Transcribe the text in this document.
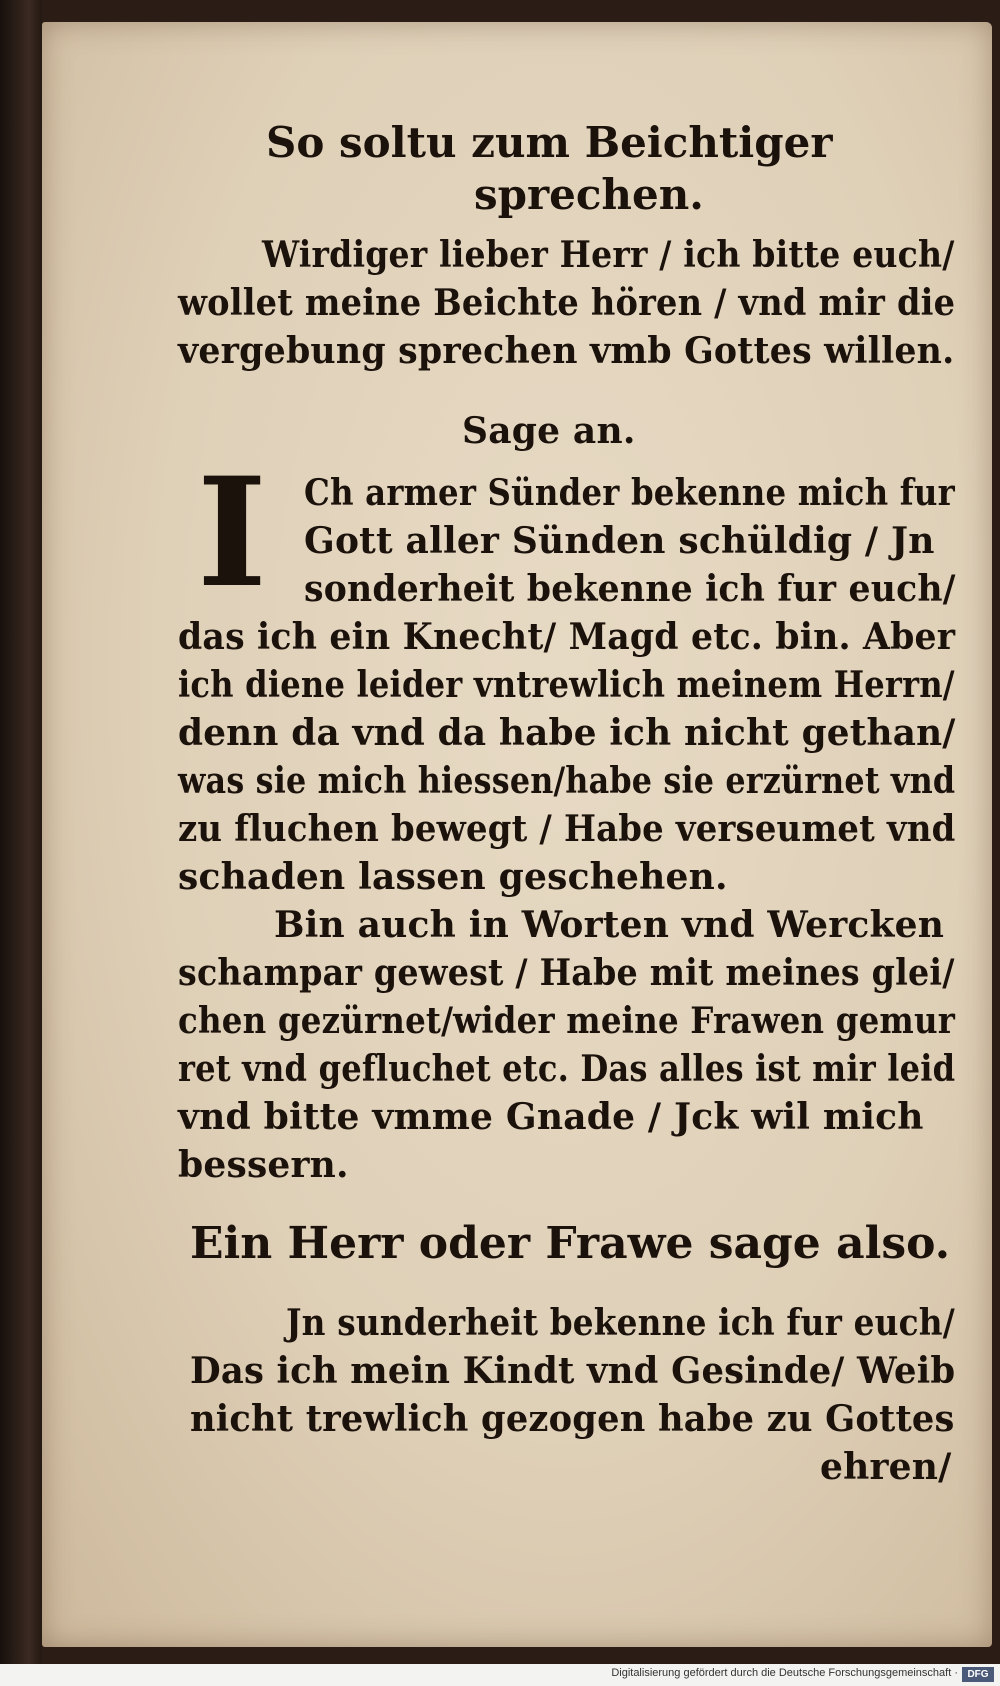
So soltu zum Beichtiger
sprechen.
Wirdiger lieber Herr / ich bitte euch/
wollet meine Beichte hören / vnd mir die
vergebung sprechen vmb Gottes willen.
Sage an.
I	Ch armer Sünder bekenne mich fur
Gott aller Sünden schüldig / Jn
sonderheit bekenne ich fur euch/
das ich ein Knecht/ Magd etc. bin. Aber
ich diene leider vntrewlich meinem Herrn/
denn da vnd da habe ich nicht gethan/
was sie mich hiessen/habe sie erzürnet vnd
zu fluchen bewegt / Habe verseumet vnd
schaden lassen geschehen.
Bin auch in Worten vnd Wercken
schampar gewest / Habe mit meines glei/
chen gezürnet/wider meine Frawen gemur
ret vnd gefluchet etc. Das alles ist mir leid
vnd bitte vmme Gnade / Jck wil mich
bessern.
Ein Herr oder Frawe sage also.
Jn sunderheit bekenne ich fur euch/
Das ich mein Kindt vnd Gesinde/ Weib
nicht trewlich gezogen habe zu Gottes
ehren/
Digitalisierung gefördert durch die Deutsche Forschungsgemeinschaft · DFG
